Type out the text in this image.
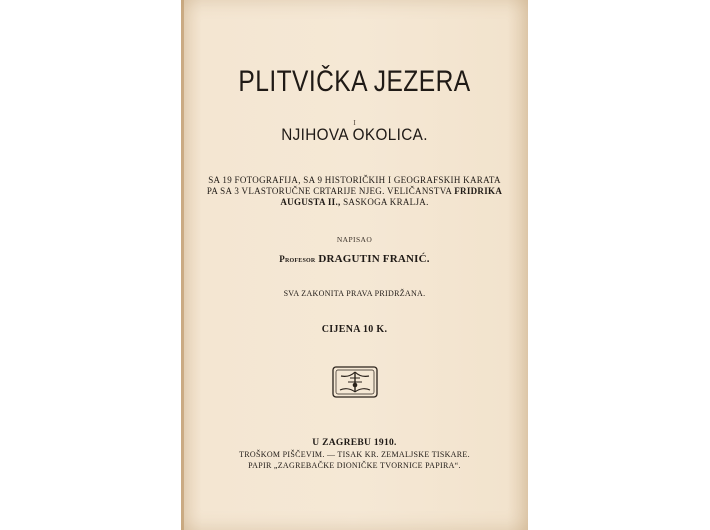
PLITVIČKA JEZERA
I
NJIHOVA OKOLICA.
SA 19 FOTOGRAFIJA, SA 9 HISTORIČKIH I GEOGRAFSKIH KARATA
PA SA 3 VLASTORUČNE CRTARIJE NJEG. VELIČANSTVA FRIDRIKA
AUGUSTA II., SASKOGA KRALJA.
NAPISAO
Profesor DRAGUTIN FRANIĆ.
SVA ZAKONITA PRAVA PRIDRŽANA.
CIJENA 10 K.
U ZAGREBU 1910.
TROŠKOM PIŠČEVIM. — TISAK KR. ZEMALJSKE TISKARE.
PAPIR „ZAGREBAČKE DIONIČKE TVORNICE PAPIRA“.
